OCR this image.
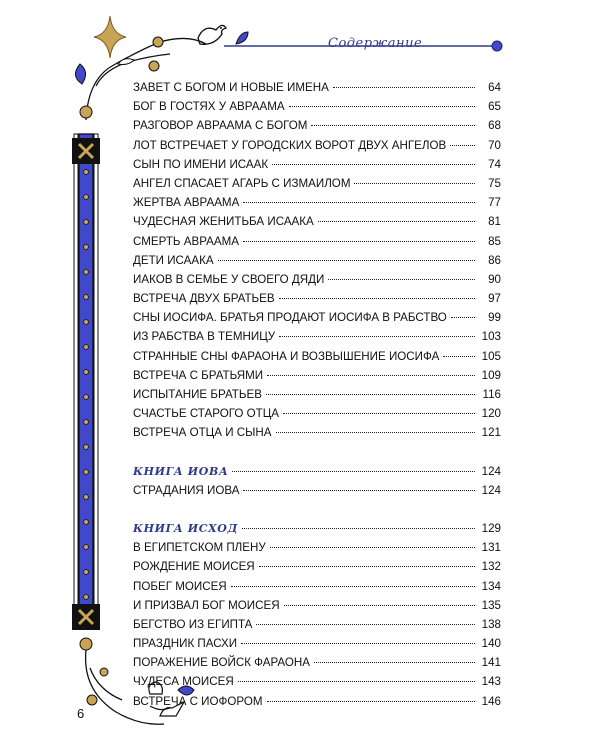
Содержание
ЗАВЕТ С БОГОМ И НОВЫЕ ИМЕНА	64
БОГ В ГОСТЯХ У АВРААМА	65
РАЗГОВОР АВРААМА С БОГОМ	68
ЛОТ ВСТРЕЧАЕТ У ГОРОДСКИХ ВОРОТ ДВУХ АНГЕЛОВ	70
СЫН ПО ИМЕНИ ИСААК	74
АНГЕЛ СПАСАЕТ АГАРЬ С ИЗМАИЛОМ	75
ЖЕРТВА АВРААМА	77
ЧУДЕСНАЯ ЖЕНИТЬБА ИСААКА	81
СМЕРТЬ АВРААМА	85
ДЕТИ ИСААКА	86
ИАКОВ В СЕМЬЕ У СВОЕГО ДЯДИ	90
ВСТРЕЧА ДВУХ БРАТЬЕВ	97
СНЫ ИОСИФА. БРАТЬЯ ПРОДАЮТ ИОСИФА В РАБСТВО	99
ИЗ РАБСТВА В ТЕМНИЦУ	103
СТРАННЫЕ СНЫ ФАРАОНА И ВОЗВЫШЕНИЕ ИОСИФА	105
ВСТРЕЧА С БРАТЬЯМИ	109
ИСПЫТАНИЕ БРАТЬЕВ	116
СЧАСТЬЕ СТАРОГО ОТЦА	120
ВСТРЕЧА ОТЦА И СЫНА	121
КНИГА ИОВА	124
СТРАДАНИЯ ИОВА	124
КНИГА ИСХОД	129
В ЕГИПЕТСКОМ ПЛЕНУ	131
РОЖДЕНИЕ МОИСЕЯ	132
ПОБЕГ МОИСЕЯ	134
И ПРИЗВАЛ БОГ МОИСЕЯ	135
БЕГСТВО ИЗ ЕГИПТА	138
ПРАЗДНИК ПАСХИ	140
ПОРАЖЕНИЕ ВОЙСК ФАРАОНА	141
ЧУДЕСА МОИСЕЯ	143
ВСТРЕЧА С ИОФОРОМ	146
6
